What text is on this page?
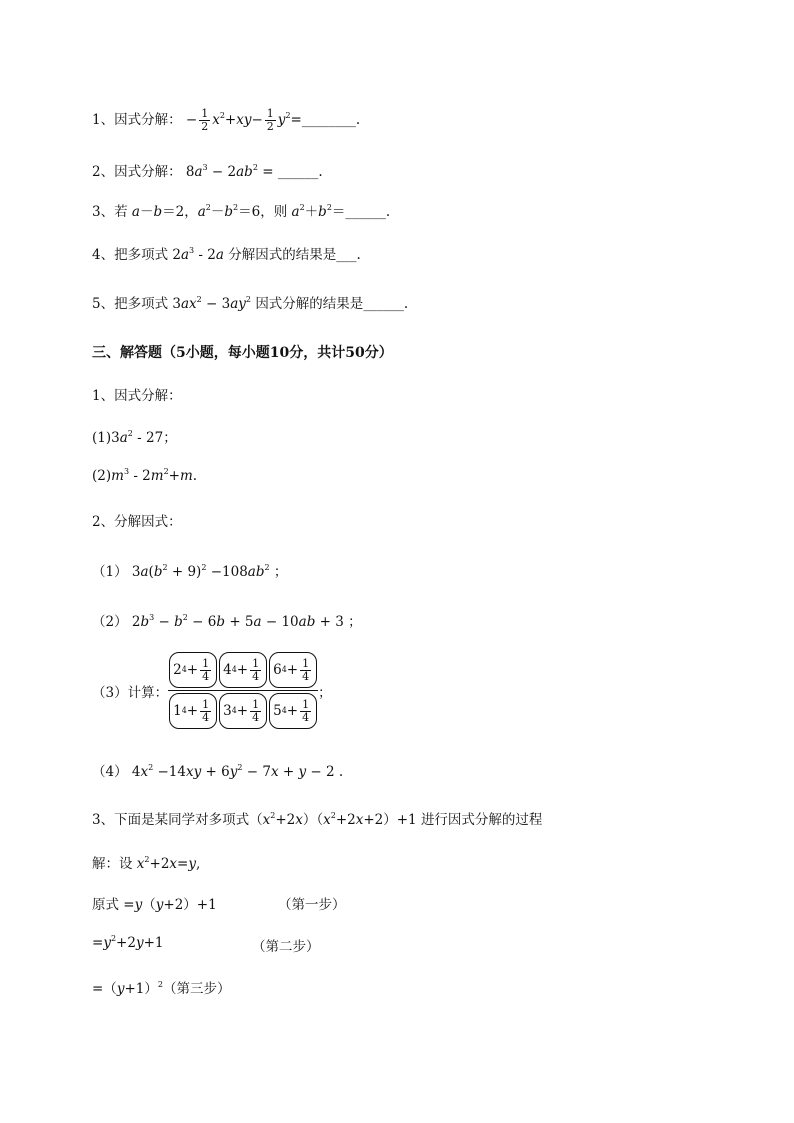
1、因式分解： − $\frac{1}{2} x^2+xy- \frac{1}{2}$ $y^2=\_\_\_\_\_\_\_\_$.
2、因式分解： $8a^3 - 2ab^2$ = ______.
3、若 a－b＝2，$a^2-b^2=6$，则 $a^2+b^2=\_\_\_\_\_\_$.
4、把多项式 $2a^3 - 2a$ 分解因式的结果是___.
5、把多项式 $3ax^2 - 3ay^2$ 因式分解的结果是______.
三、解答题（5小题，每小题10分，共计50分）
1、因式分解：
$(1)3a^2 - 27$；
$(2)m^3 - 2m^2+m$.
2、分解因式：
（1） $3a(b^2 + 9)^2 -108ab^2$ ；
（2） $2b^3 - b^2 - 6b + 5a - 10ab + 3$ ；
（3）计算： $\frac{2 4 + \frac{1}{4} 4 4 + \frac{1}{4} 6 4 + \frac{1}{4}}{1 4 + \frac{1}{4} 3 4 + \frac{1}{4} 5 4 + \frac{1}{4}}$ ；
（4） $4x^2 -14xy + 6y^2 - 7x + y - 2$ .
3、下面是某同学对多项式$(x^2+2x)(x^2+2x+2)+1$ 进行因式分解的过程
解：设 $x^2+2x=y$,
原式 =y（y+2）+1	（第一步）
$=y^2+2y+1$	（第二步）
$=(y+1)^2$（第三步）
